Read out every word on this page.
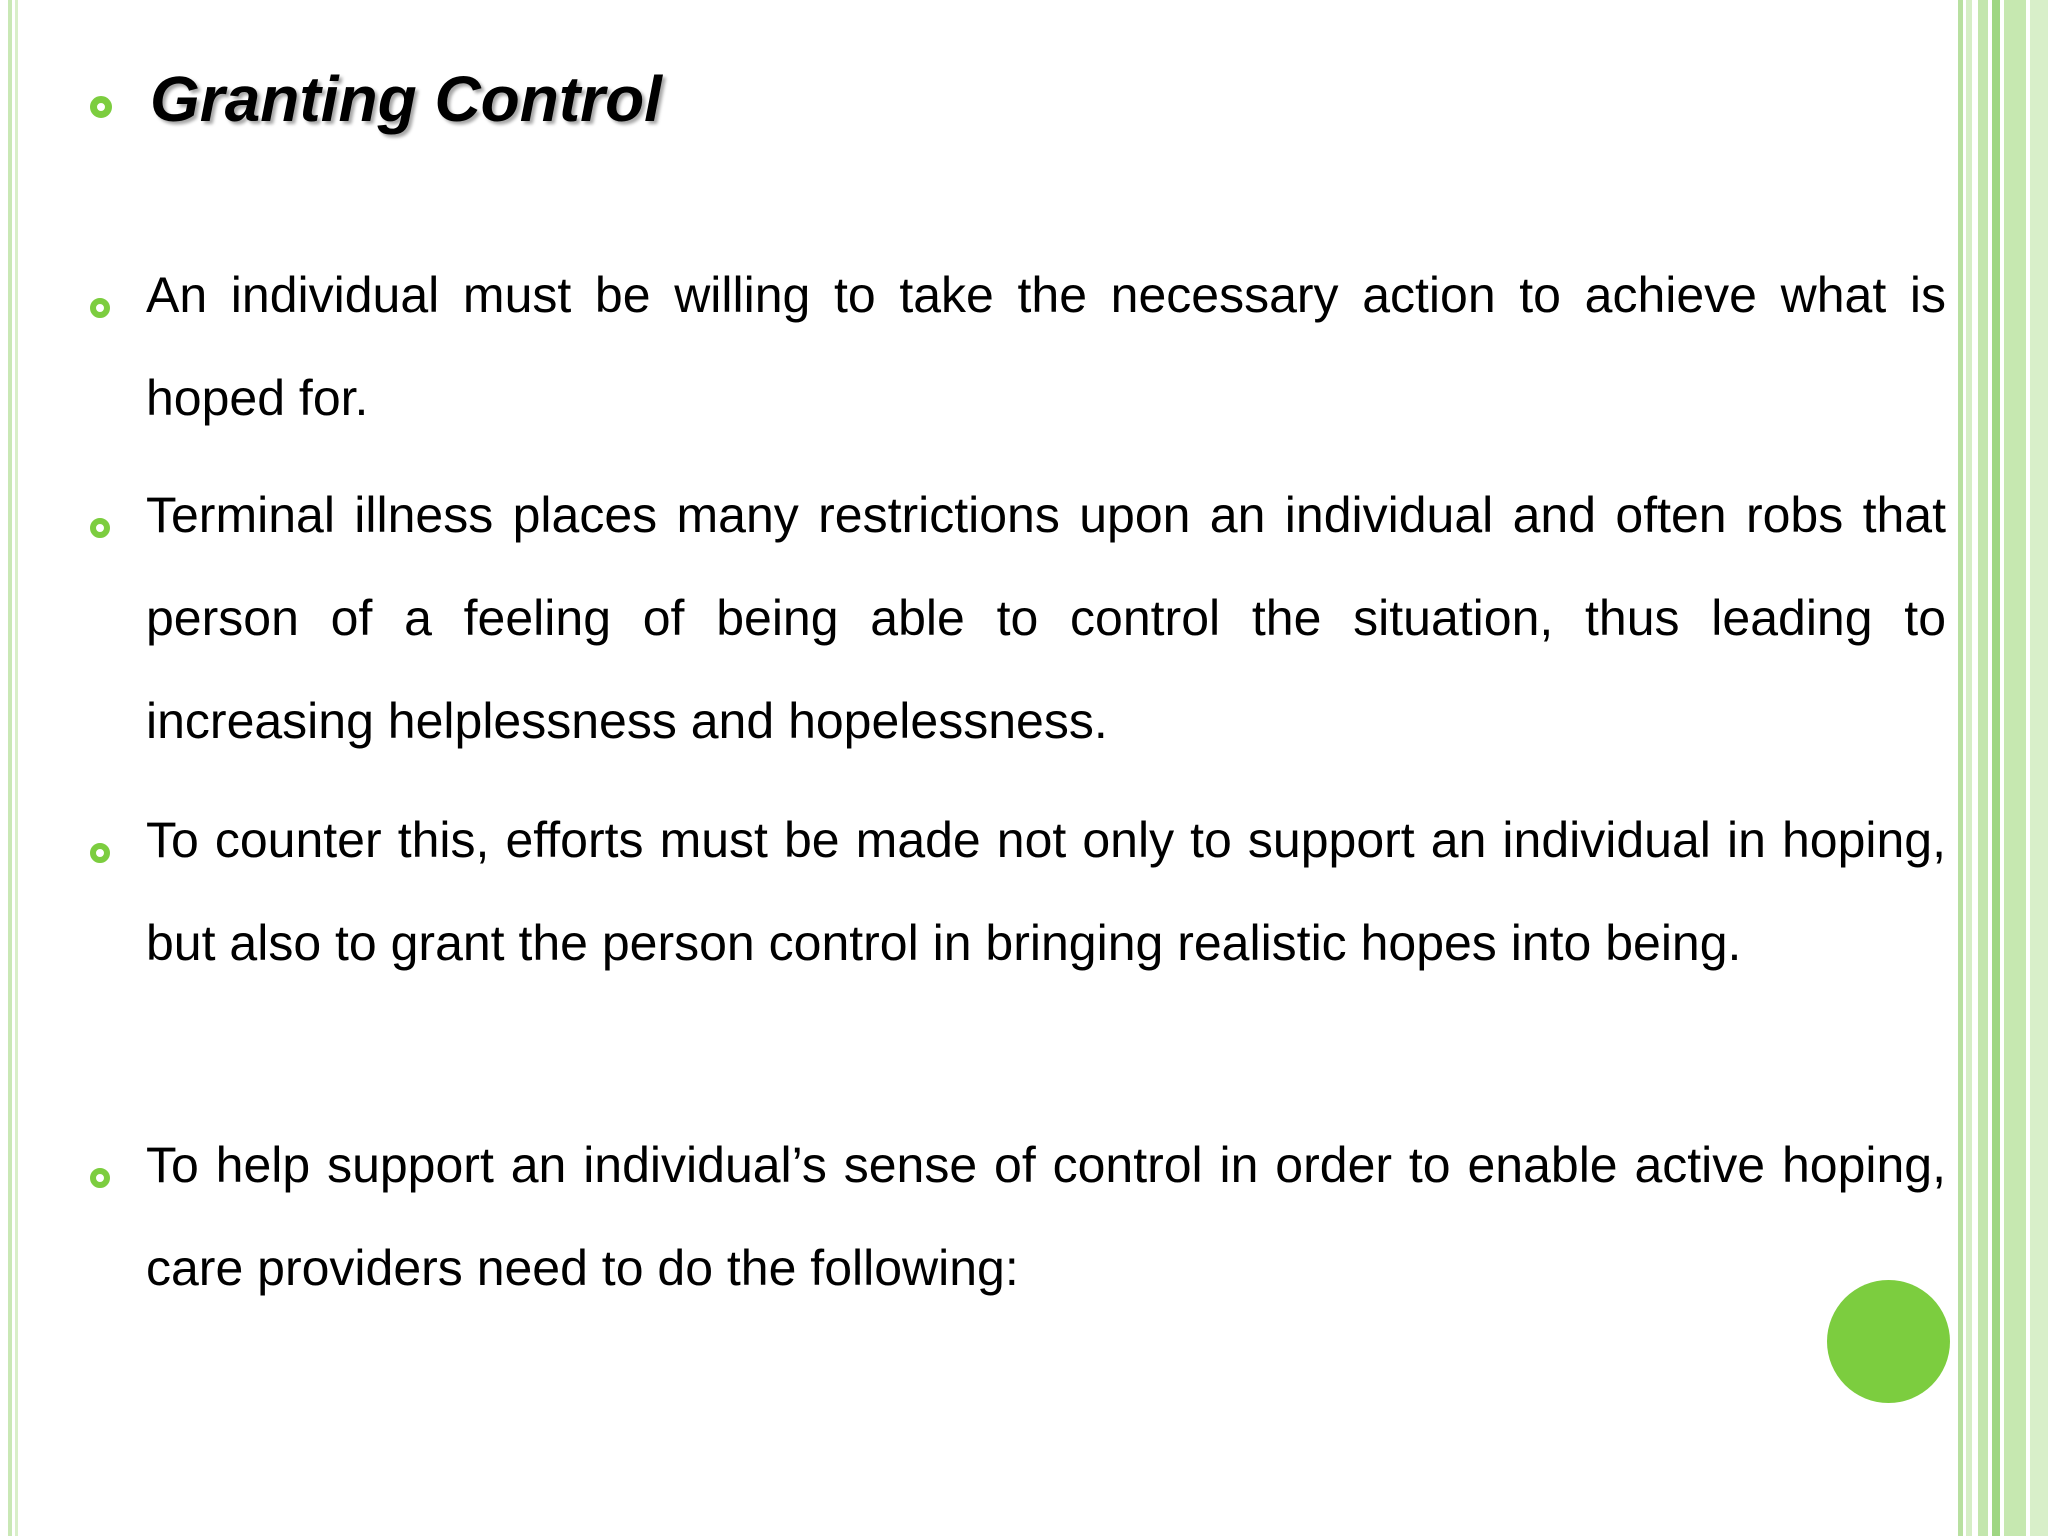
Granting Control
An individual must be willing to take the necessary action to achieve what is hoped for.
Terminal illness places many restrictions upon an individual and often robs that person of a feeling of being able to control the situation, thus leading to increasing helplessness and hopelessness.
To counter this, efforts must be made not only to support an individual in hoping, but also to grant the person control in bringing realistic hopes into being.
To help support an individual’s sense of control in order to enable active hoping, care providers need to do the following:
